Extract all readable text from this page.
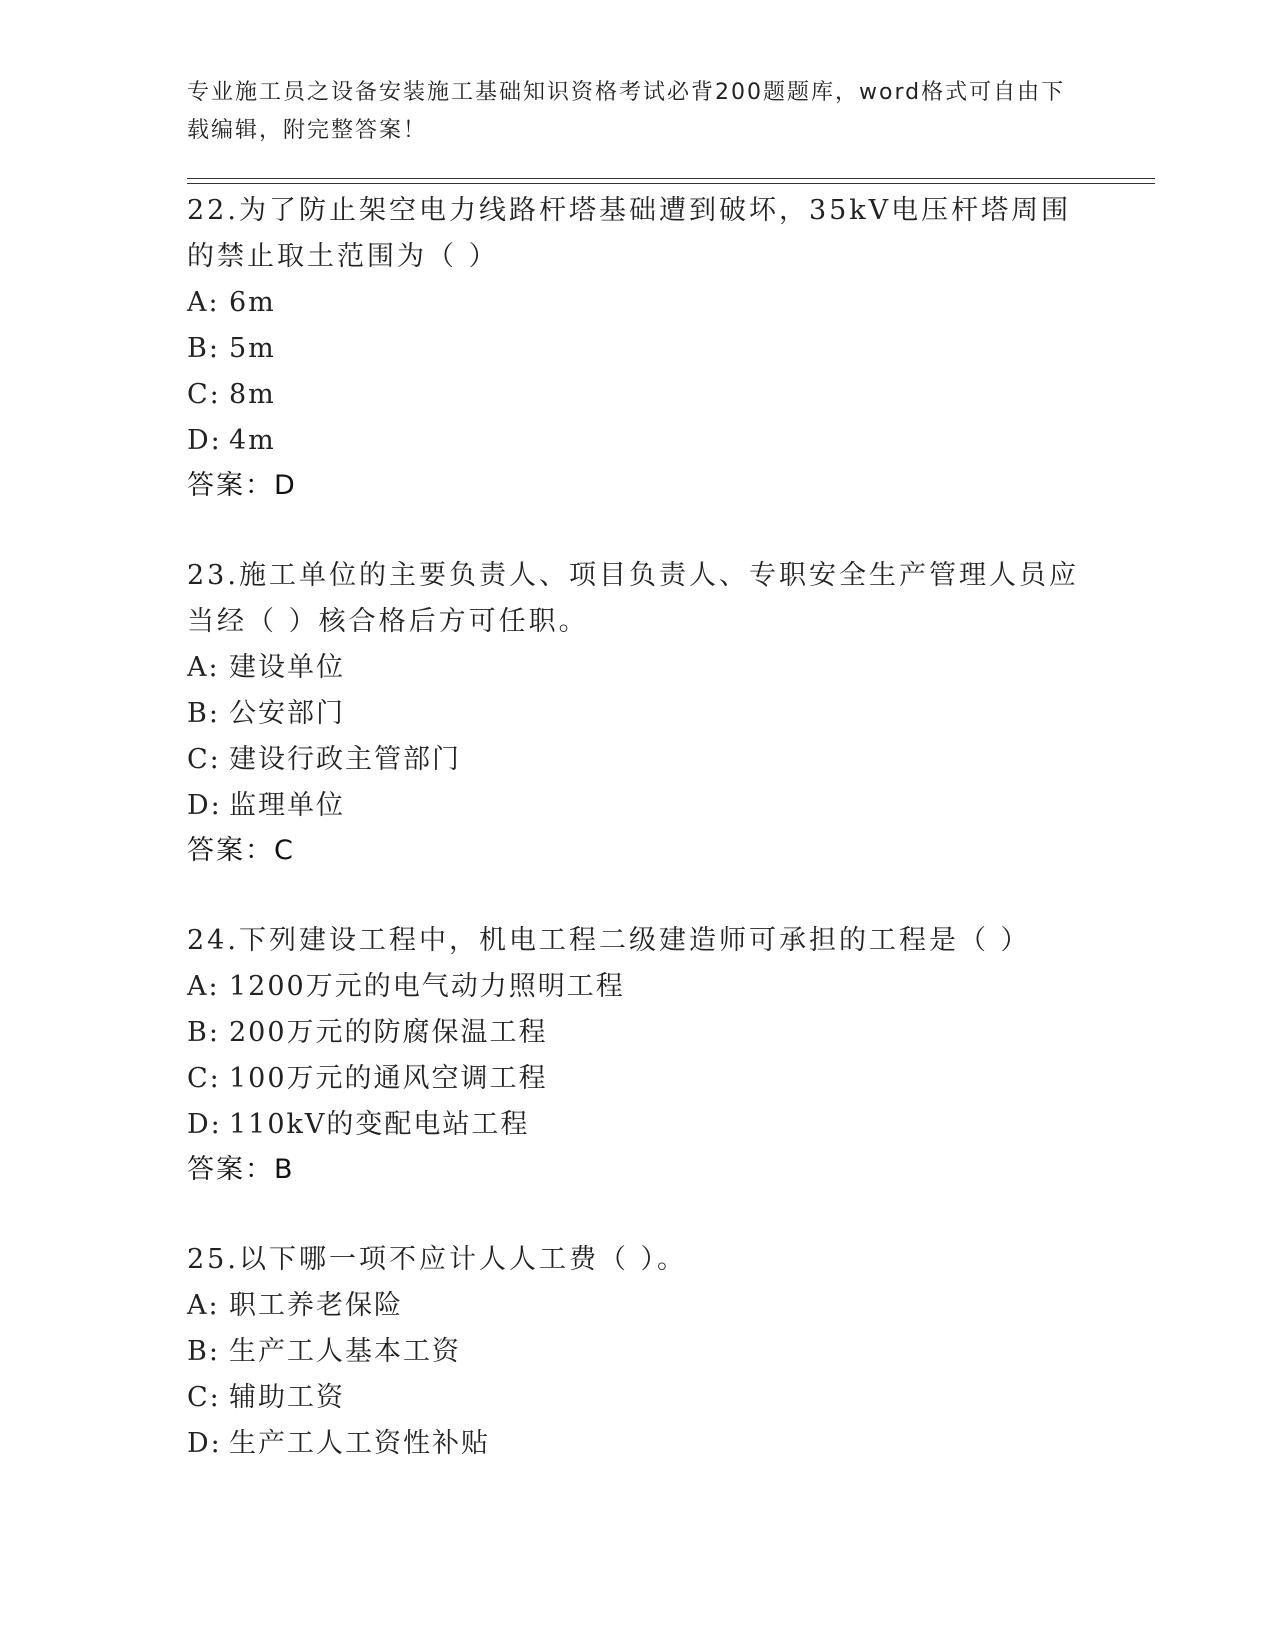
专业施工员之设备安装施工基础知识资格考试必背200题题库，word格式可自由下载编辑，附完整答案！

22.为了防止架空电力线路杆塔基础遭到破坏，35kV电压杆塔周围的禁止取土范围为（ ）

A: 6m
B: 5m
C: 8m
D: 4m

答案：D

23.施工单位的主要负责人、项目负责人、专职安全生产管理人员应当经（ ）核合格后方可任职。

A: 建设单位
B: 公安部门
C: 建设行政主管部门
D: 监理单位

答案：C

24.下列建设工程中，机电工程二级建造师可承担的工程是（ ）

A: 1200万元的电气动力照明工程
B: 200万元的防腐保温工程
C: 100万元的通风空调工程
D: 110kV的变配电站工程

答案：B

25.以下哪一项不应计人人工费（ ）。

A: 职工养老保险
B: 生产工人基本工资
C: 辅助工资
D: 生产工人工资性补贴
